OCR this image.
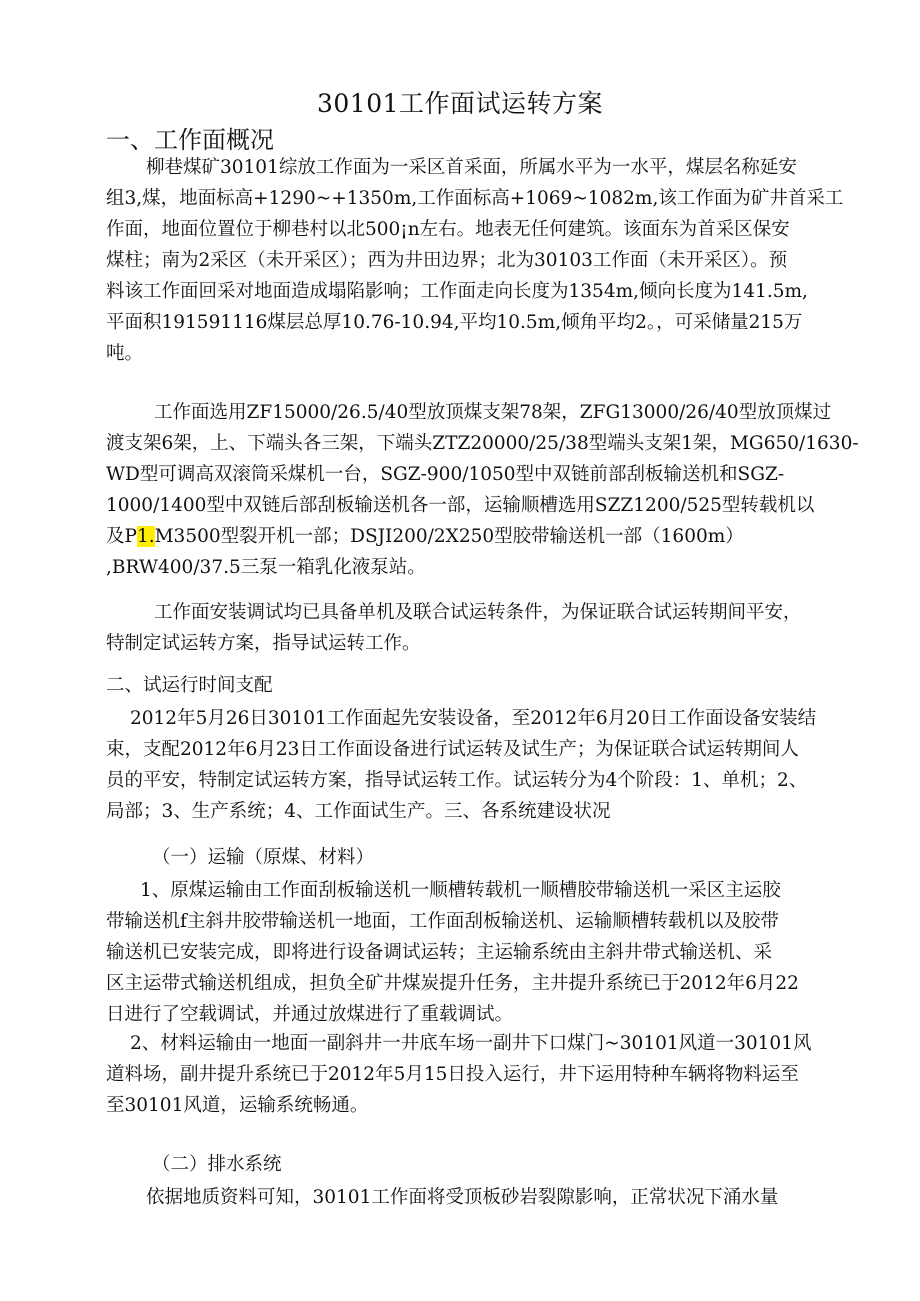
30101工作面试运转方案
一、工作面概况
柳巷煤矿30101综放工作面为一采区首采面，所属水平为一水平，煤层名称延安
组3,煤，地面标高+1290~+1350m,工作面标高+1069~1082m,该工作面为矿井首采工
作面，地面位置位于柳巷村以北500¡n左右。地表无任何建筑。该面东为首采区保安
煤柱；南为2采区（未开采区）；西为井田边界；北为30103工作面（未开采区）。预
料该工作面回采对地面造成塌陷影响；工作面走向长度为1354m,倾向长度为141.5m,
平面积191591116煤层总厚10.76-10.94,平均10.5m,倾角平均2。，可采储量215万
吨。
工作面选用ZF15000/26.5/40型放顶煤支架78架，ZFG13000/26/40型放顶煤过
渡支架6架，上、下端头各三架，下端头ZTZ20000/25/38型端头支架1架，MG650/1630-
WD型可调高双滚筒采煤机一台，SGZ-900/1050型中双链前部刮板输送机和SGZ-
1000/1400型中双链后部刮板输送机各一部，运输顺槽选用SZZ1200/525型转载机以
及P1.M3500型裂开机一部；DSJI200/2X250型胶带输送机一部（1600m）
,BRW400/37.5三泵一箱乳化液泵站。
工作面安装调试均已具备单机及联合试运转条件，为保证联合试运转期间平安，
特制定试运转方案，指导试运转工作。
二、试运行时间支配
2012年5月26日30101工作面起先安装设备，至2012年6月20日工作面设备安装结
束，支配2012年6月23日工作面设备进行试运转及试生产；为保证联合试运转期间人
员的平安，特制定试运转方案，指导试运转工作。试运转分为4个阶段：1、单机；2、
局部；3、生产系统；4、工作面试生产。三、各系统建设状况
（一）运输（原煤、材料）
1、原煤运输由工作面刮板输送机一顺槽转载机一顺槽胶带输送机一采区主运胶
带输送机f主斜井胶带输送机一地面，工作面刮板输送机、运输顺槽转载机以及胶带
输送机已安装完成，即将进行设备调试运转；主运输系统由主斜井带式输送机、采
区主运带式输送机组成，担负全矿井煤炭提升任务，主井提升系统已于2012年6月22
日进行了空载调试，并通过放煤进行了重载调试。
2、材料运输由一地面一副斜井一井底车场一副井下口煤门~30101风道一30101风
道料场，副井提升系统已于2012年5月15日投入运行，井下运用特种车辆将物料运至
至30101风道，运输系统畅通。
（二）排水系统
依据地质资料可知，30101工作面将受顶板砂岩裂隙影响，正常状况下涌水量
